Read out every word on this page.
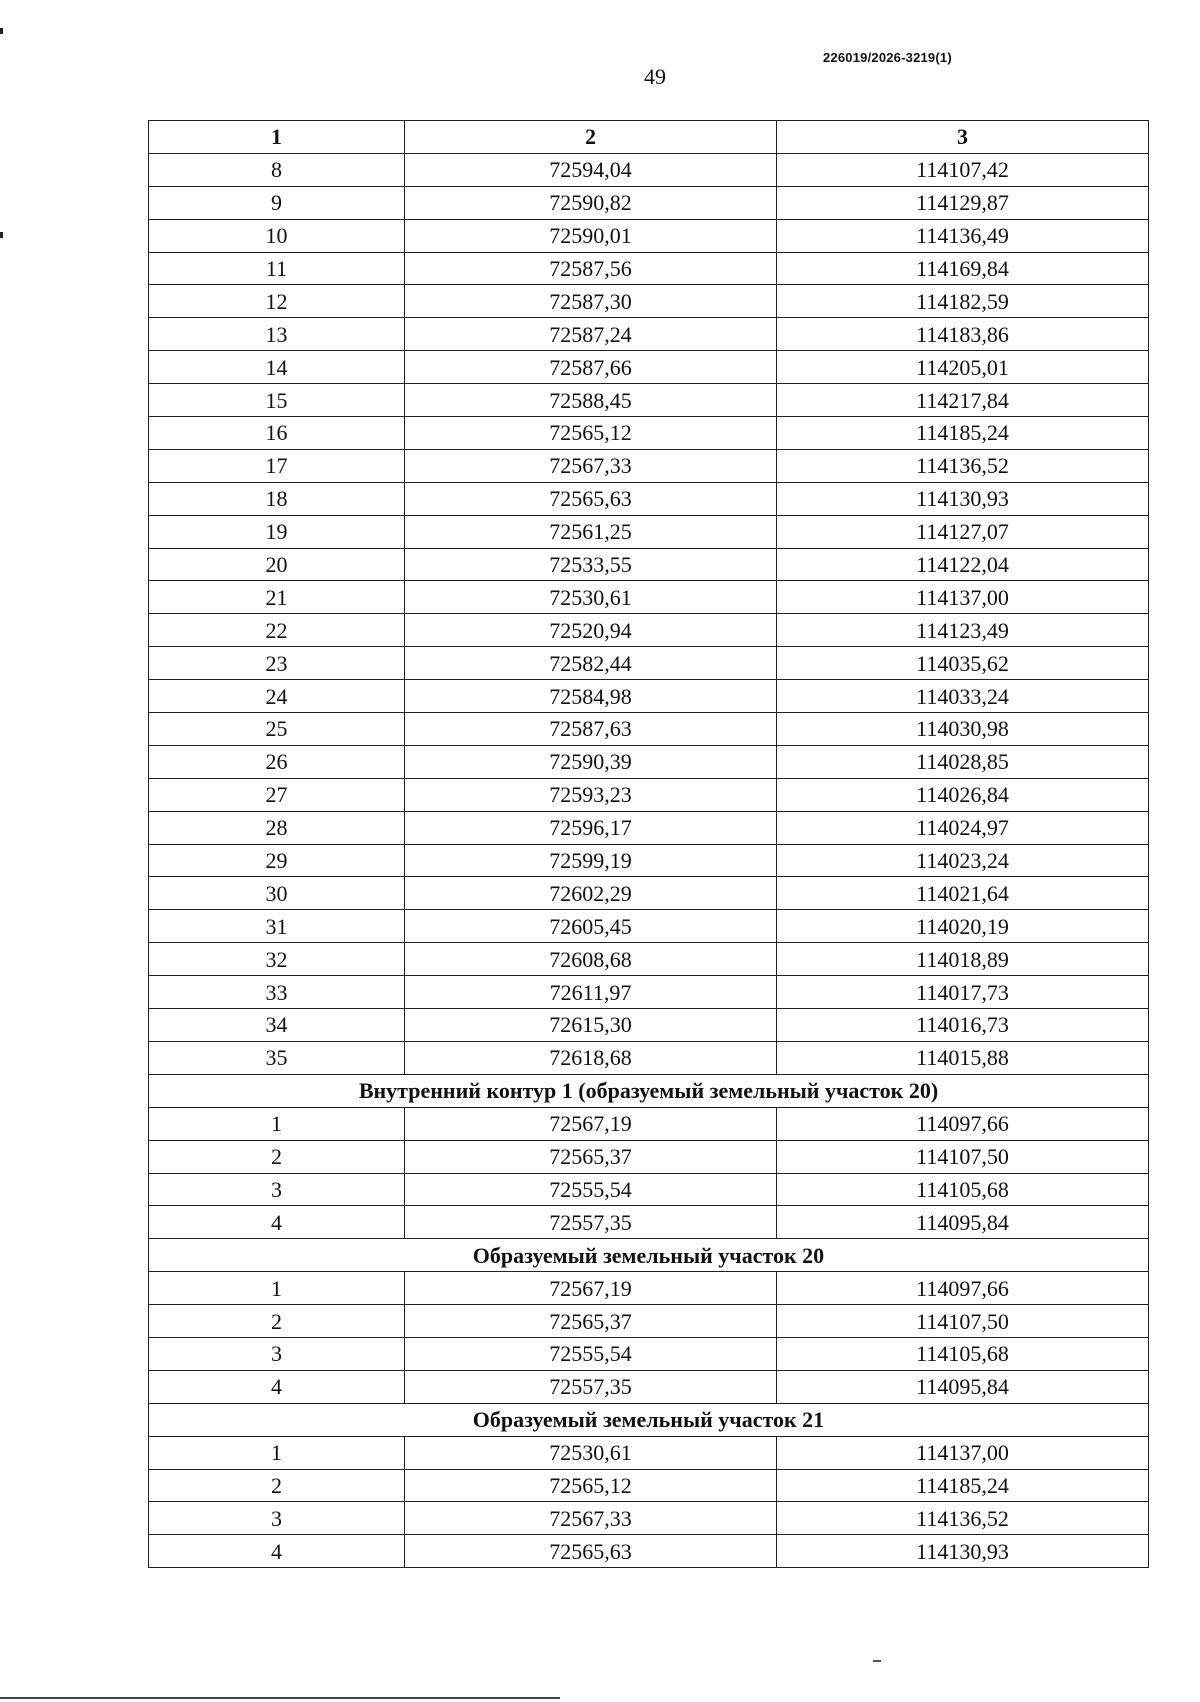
226019/2026-3219(1)
49
1	2	3
8	72594,04	114107,42
9	72590,82	114129,87
10	72590,01	114136,49
11	72587,56	114169,84
12	72587,30	114182,59
13	72587,24	114183,86
14	72587,66	114205,01
15	72588,45	114217,84
16	72565,12	114185,24
17	72567,33	114136,52
18	72565,63	114130,93
19	72561,25	114127,07
20	72533,55	114122,04
21	72530,61	114137,00
22	72520,94	114123,49
23	72582,44	114035,62
24	72584,98	114033,24
25	72587,63	114030,98
26	72590,39	114028,85
27	72593,23	114026,84
28	72596,17	114024,97
29	72599,19	114023,24
30	72602,29	114021,64
31	72605,45	114020,19
32	72608,68	114018,89
33	72611,97	114017,73
34	72615,30	114016,73
35	72618,68	114015,88
Внутренний контур 1 (образуемый земельный участок 20)		
1	72567,19	114097,66
2	72565,37	114107,50
3	72555,54	114105,68
4	72557,35	114095,84
Образуемый земельный участок 20		
1	72567,19	114097,66
2	72565,37	114107,50
3	72555,54	114105,68
4	72557,35	114095,84
Образуемый земельный участок 21		
1	72530,61	114137,00
2	72565,12	114185,24
3	72567,33	114136,52
4	72565,63	114130,93
